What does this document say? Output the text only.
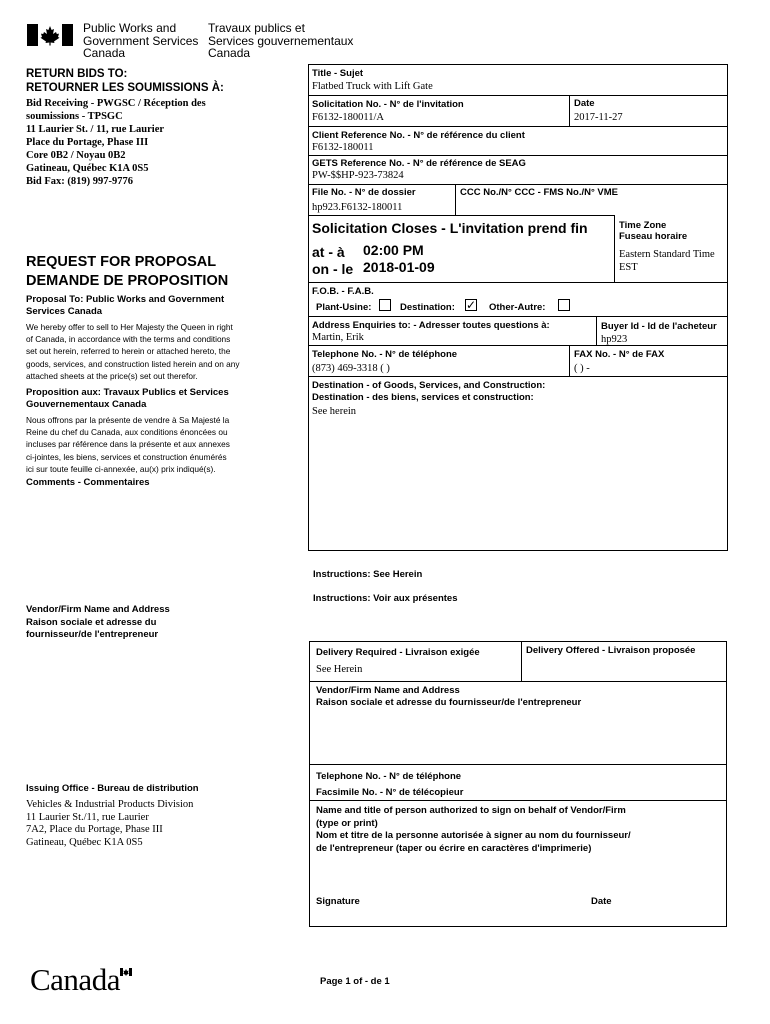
Public Works and
Government Services
Canada
Travaux publics et
Services gouvernementaux
Canada
RETURN BIDS TO:
RETOURNER LES SOUMISSIONS À:
Bid Receiving - PWGSC / Réception des
soumissions - TPSGC
11 Laurier St. / 11, rue Laurier
Place du Portage, Phase III
Core 0B2 / Noyau 0B2
Gatineau, Québec K1A 0S5
Bid Fax: (819) 997-9776
REQUEST FOR PROPOSAL
DEMANDE DE PROPOSITION
Proposal To: Public Works and Government
Services Canada
We hereby offer to sell to Her Majesty the Queen in right
of Canada, in accordance with the terms and conditions
set out herein, referred to herein or attached hereto, the
goods, services, and construction listed herein and on any
attached sheets at the price(s) set out therefor.
Proposition aux: Travaux Publics et Services
Gouvernementaux Canada
Nous offrons par la présente de vendre à Sa Majesté la
Reine du chef du Canada, aux conditions énoncées ou
incluses par référence dans la présente et aux annexes
ci-jointes, les biens, services et construction énumérés
ici sur toute feuille ci-annexée, au(x) prix indiqué(s).
Comments - Commentaires
Vendor/Firm Name and Address
Raison sociale et adresse du
fournisseur/de l'entrepreneur
Issuing Office - Bureau de distribution
Vehicles & Industrial Products Division
11 Laurier St./11, rue Laurier
7A2, Place du Portage, Phase III
Gatineau, Québec K1A 0S5
Title - Sujet
Flatbed Truck with Lift Gate
Solicitation No. - N° de l'invitation
F6132-180011/A
Date
2017-11-27
Client Reference No. - N° de référence du client
F6132-180011
GETS Reference No. - N° de référence de SEAG
PW-$$HP-923-73824
File No. - N° de dossier
hp923.F6132-180011
CCC No./N° CCC - FMS No./N° VME
Solicitation Closes - L'invitation prend fin
at - à 02:00 PM
on - le 2018-01-09
Time Zone
Fuseau horaire
Eastern Standard Time
EST
F.O.B. - F.A.B.
Plant-Usine:	Destination: ✓ Other-Autre:
Address Enquiries to: - Adresser toutes questions à:
Martin, Erik
Buyer Id - Id de l'acheteur
hp923
Telephone No. - N° de téléphone
(873) 469-3318 ( )
FAX No. - N° de FAX
( ) -
Destination - of Goods, Services, and Construction:
Destination - des biens, services et construction:
See herein
Instructions: See Herein
Instructions: Voir aux présentes
Delivery Required - Livraison exigée
See Herein
Delivery Offered - Livraison proposée
Vendor/Firm Name and Address
Raison sociale et adresse du fournisseur/de l'entrepreneur
Telephone No. - N° de téléphone
Facsimile No. - N° de télécopieur
Name and title of person authorized to sign on behalf of Vendor/Firm
(type or print)
Nom et titre de la personne autorisée à signer au nom du fournisseur/
de l'entrepreneur (taper ou écrire en caractères d'imprimerie)
Signature	Date
Canada	Page 1 of - de 1
